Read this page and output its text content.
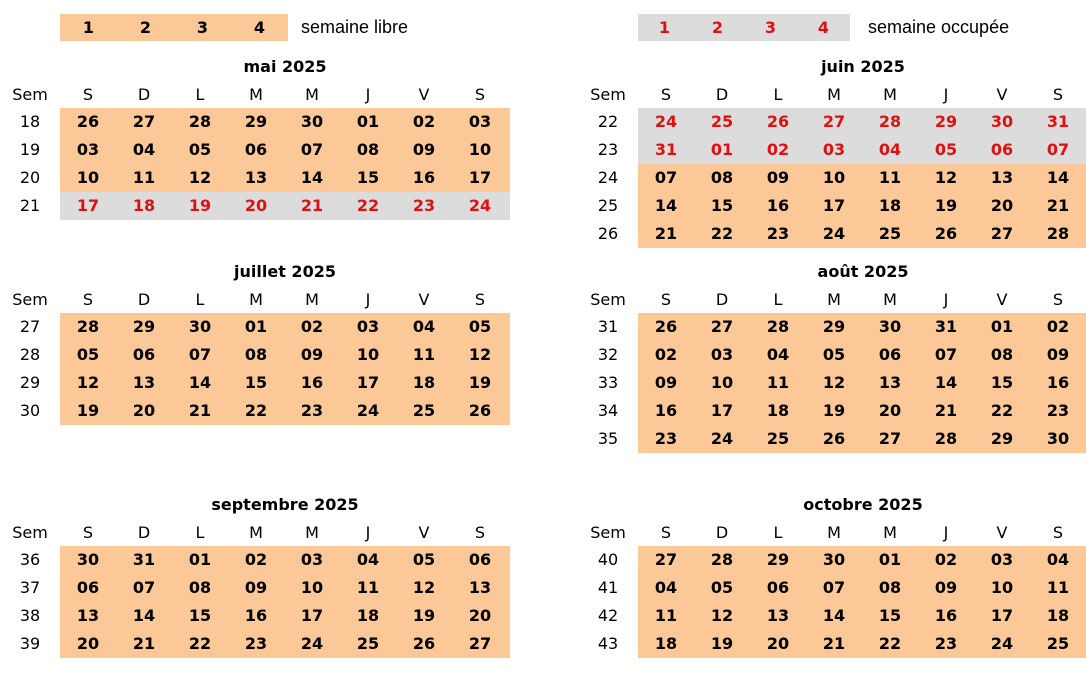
1	2	3	4	semaine libre	1	2	3	4	semaine occupée
mai 2025
Sem	S	D	L	M	M	J	V	S
18	26	27	28	29	30	01	02	03
19	03	04	05	06	07	08	09	10
20	10	11	12	13	14	15	16	17
21	17	18	19	20	21	22	23	24
juin 2025
Sem	S	D	L	M	M	J	V	S
22	24	25	26	27	28	29	30	31
23	31	01	02	03	04	05	06	07
24	07	08	09	10	11	12	13	14
25	14	15	16	17	18	19	20	21
26	21	22	23	24	25	26	27	28
juillet 2025
Sem	S	D	L	M	M	J	V	S
27	28	29	30	01	02	03	04	05
28	05	06	07	08	09	10	11	12
29	12	13	14	15	16	17	18	19
30	19	20	21	22	23	24	25	26
août 2025
Sem	S	D	L	M	M	J	V	S
31	26	27	28	29	30	31	01	02
32	02	03	04	05	06	07	08	09
33	09	10	11	12	13	14	15	16
34	16	17	18	19	20	21	22	23
35	23	24	25	26	27	28	29	30
septembre 2025
Sem	S	D	L	M	M	J	V	S
36	30	31	01	02	03	04	05	06
37	06	07	08	09	10	11	12	13
38	13	14	15	16	17	18	19	20
39	20	21	22	23	24	25	26	27
octobre 2025
Sem	S	D	L	M	M	J	V	S
40	27	28	29	30	01	02	03	04
41	04	05	06	07	08	09	10	11
42	11	12	13	14	15	16	17	18
43	18	19	20	21	22	23	24	25
